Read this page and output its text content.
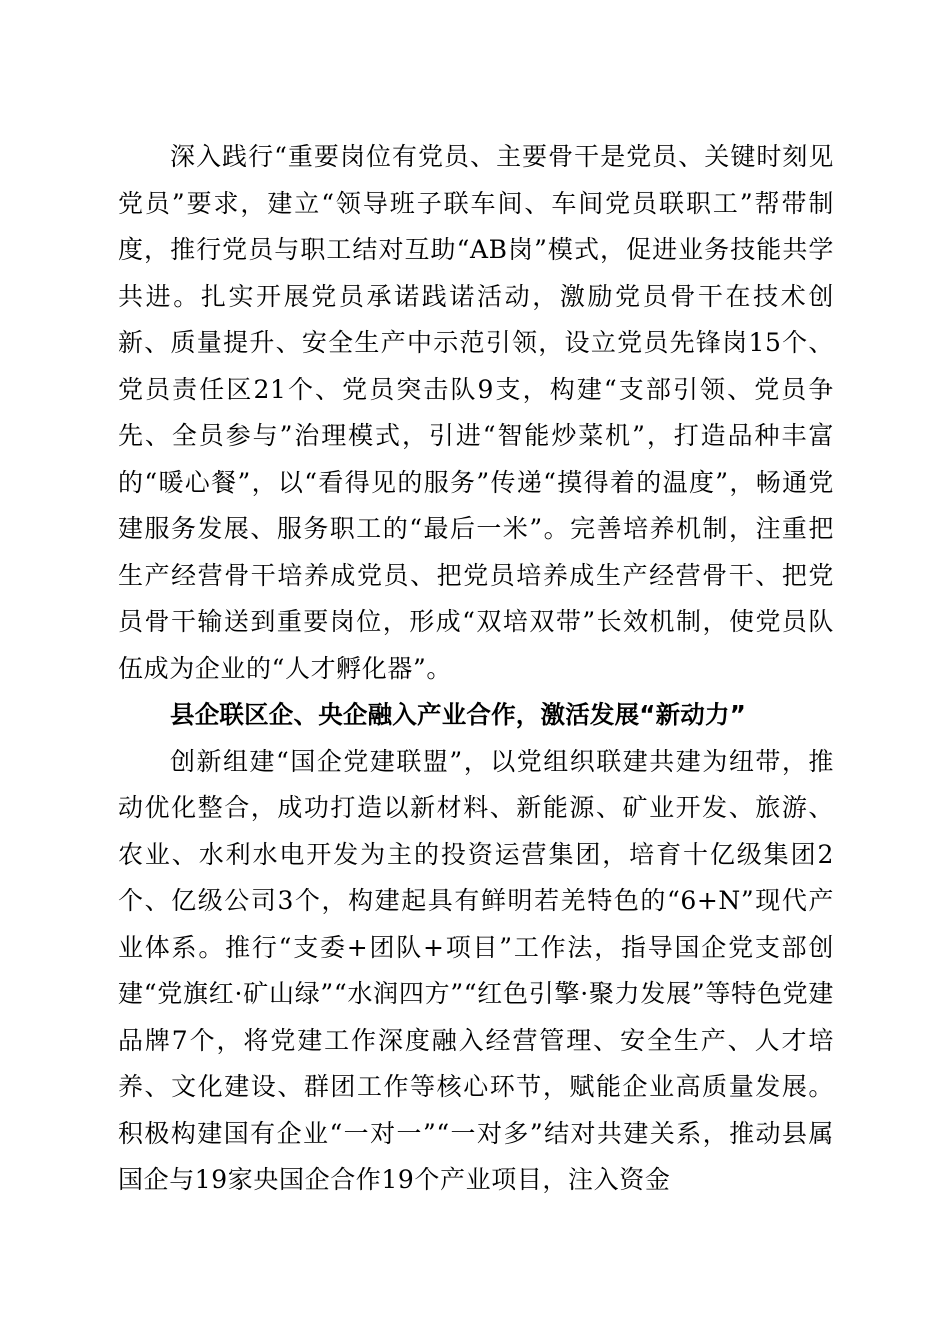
深入践行“重要岗位有党员、主要骨干是党员、关键时刻见党员”要求，建立“领导班子联车间、车间党员联职工”帮带制度，推行党员与职工结对互助“AB岗”模式，促进业务技能共学共进。扎实开展党员承诺践诺活动，激励党员骨干在技术创新、质量提升、安全生产中示范引领，设立党员先锋岗15个、党员责任区21个、党员突击队9支，构建“支部引领、党员争先、全员参与”治理模式，引进“智能炒菜机”，打造品种丰富的“暖心餐”，以“看得见的服务”传递“摸得着的温度”，畅通党建服务发展、服务职工的“最后一米”。完善培养机制，注重把生产经营骨干培养成党员、把党员培养成生产经营骨干、把党员骨干输送到重要岗位，形成“双培双带”长效机制，使党员队伍成为企业的“人才孵化器”。

县企联区企、央企融入产业合作，激活发展“新动力”

创新组建“国企党建联盟”，以党组织联建共建为纽带，推动优化整合，成功打造以新材料、新能源、矿业开发、旅游、农业、水利水电开发为主的投资运营集团，培育十亿级集团2个、亿级公司3个，构建起具有鲜明若羌特色的“6+N”现代产业体系。推行“支委+团队+项目”工作法，指导国企党支部创建“党旗红·矿山绿”“水润四方”“红色引擎·聚力发展”等特色党建品牌7个，将党建工作深度融入经营管理、安全生产、人才培养、文化建设、群团工作等核心环节，赋能企业高质量发展。积极构建国有企业“一对一”“一对多”结对共建关系，推动县属国企与19家央国企合作19个产业项目，注入资金
